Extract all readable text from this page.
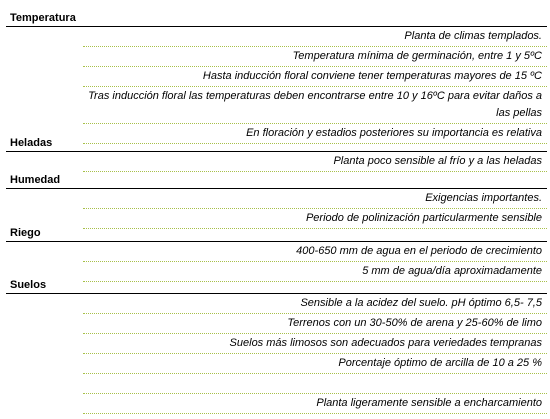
Temperatura
Planta de climas templados.
Temperatura mínima de germinación, entre 1 y 5ºC
Hasta inducción floral conviene tener temperaturas mayores de 15 ºC
Tras inducción floral las temperaturas deben encontrarse entre 10 y 16ºC para evitar daños a las pellas
En floración y estadios posteriores su importancia es relativa
Heladas
Planta poco sensible al frío y a las heladas
Humedad
Exigencias importantes.
Periodo de polinización particularmente sensible
Riego
400-650 mm de agua en el periodo de crecimiento
5 mm de agua/día aproximadamente
Suelos
Sensible a la acidez del suelo. pH óptimo 6,5- 7,5
Terrenos con un 30-50% de arena y 25-60% de limo
Suelos más limosos son adecuados para veriedades tempranas
Porcentaje óptimo de arcilla de 10 a 25 %
Planta ligeramente sensible a encharcamiento
